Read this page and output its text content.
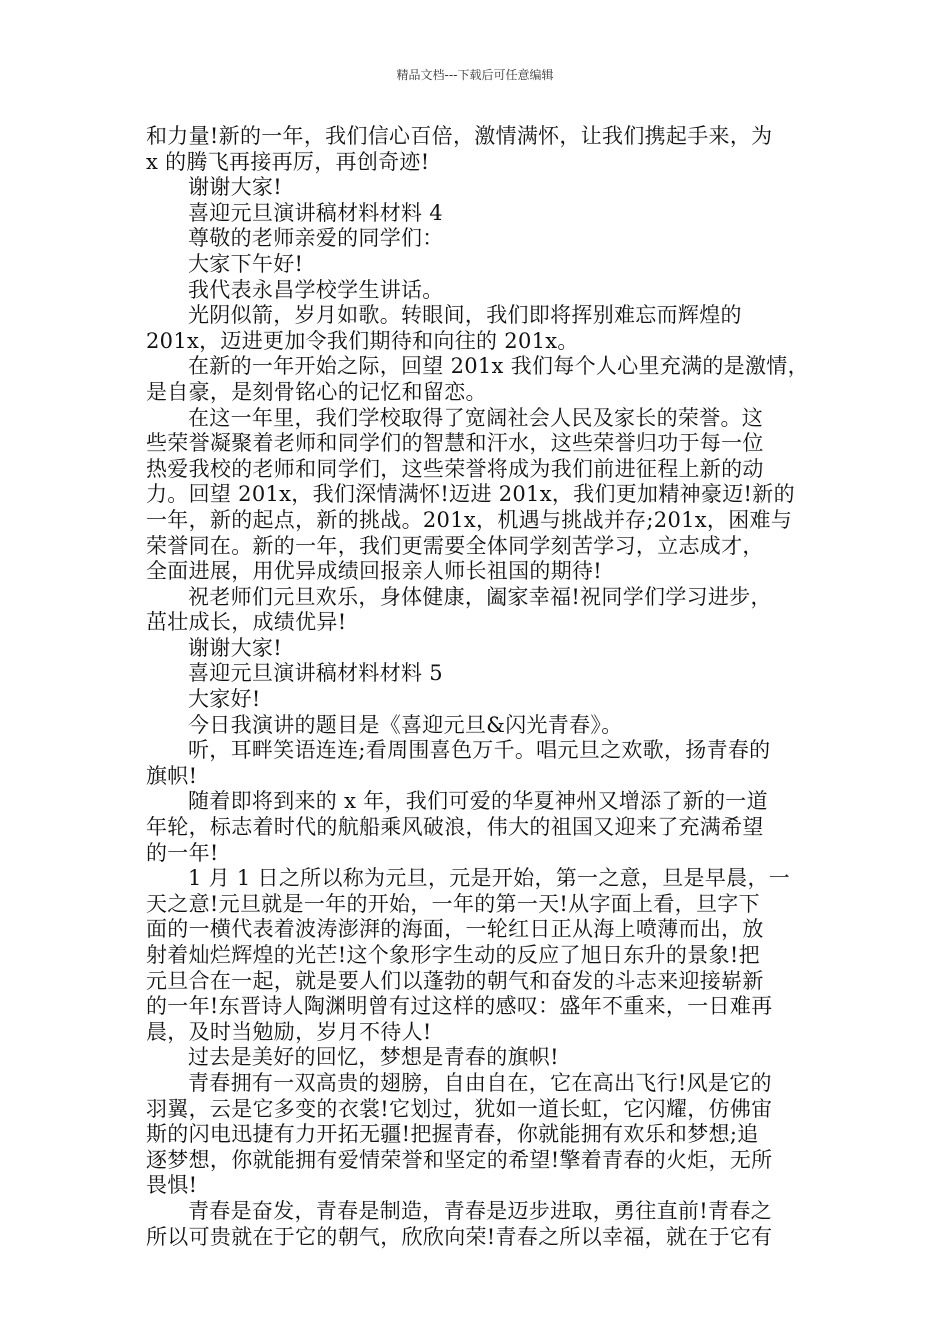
精品文档---下载后可任意编辑
和力量!新的一年，我们信心百倍，激情满怀，让我们携起手来，为
x 的腾飞再接再厉，再创奇迹!
谢谢大家!
喜迎元旦演讲稿材料材料 4
尊敬的老师亲爱的同学们：
大家下午好!
我代表永昌学校学生讲话。
光阴似箭，岁月如歌。转眼间，我们即将挥别难忘而辉煌的
201x，迈进更加令我们期待和向往的 201x。
在新的一年开始之际，回望 201x 我们每个人心里充满的是激情，
是自豪，是刻骨铭心的记忆和留恋。
在这一年里，我们学校取得了宽阔社会人民及家长的荣誉。这
些荣誉凝聚着老师和同学们的智慧和汗水，这些荣誉归功于每一位
热爱我校的老师和同学们，这些荣誉将成为我们前进征程上新的动
力。回望 201x，我们深情满怀!迈进 201x，我们更加精神豪迈!新的
一年，新的起点，新的挑战。201x，机遇与挑战并存;201x，困难与
荣誉同在。新的一年，我们更需要全体同学刻苦学习，立志成才，
全面进展，用优异成绩回报亲人师长祖国的期待!
祝老师们元旦欢乐，身体健康，阖家幸福!祝同学们学习进步，
茁壮成长，成绩优异!
谢谢大家!
喜迎元旦演讲稿材料材料 5
大家好!
今日我演讲的题目是《喜迎元旦&闪光青春》。
听，耳畔笑语连连;看周围喜色万千。唱元旦之欢歌，扬青春的
旗帜!
随着即将到来的 x 年，我们可爱的华夏神州又增添了新的一道
年轮，标志着时代的航船乘风破浪，伟大的祖国又迎来了充满希望
的一年!
1 月 1 日之所以称为元旦，元是开始，第一之意，旦是早晨，一
天之意!元旦就是一年的开始，一年的第一天!从字面上看，旦字下
面的一横代表着波涛澎湃的海面，一轮红日正从海上喷薄而出，放
射着灿烂辉煌的光芒!这个象形字生动的反应了旭日东升的景象!把
元旦合在一起，就是要人们以蓬勃的朝气和奋发的斗志来迎接崭新
的一年!东晋诗人陶渊明曾有过这样的感叹：盛年不重来，一日难再
晨，及时当勉励，岁月不待人!
过去是美好的回忆，梦想是青春的旗帜!
青春拥有一双高贵的翅膀，自由自在，它在高出飞行!风是它的
羽翼，云是它多变的衣裳!它划过，犹如一道长虹，它闪耀，仿佛宙
斯的闪电迅捷有力开拓无疆!把握青春，你就能拥有欢乐和梦想;追
逐梦想，你就能拥有爱情荣誉和坚定的希望!擎着青春的火炬，无所
畏惧!
青春是奋发，青春是制造，青春是迈步进取，勇往直前!青春之
所以可贵就在于它的朝气，欣欣向荣!青春之所以幸福，就在于它有
